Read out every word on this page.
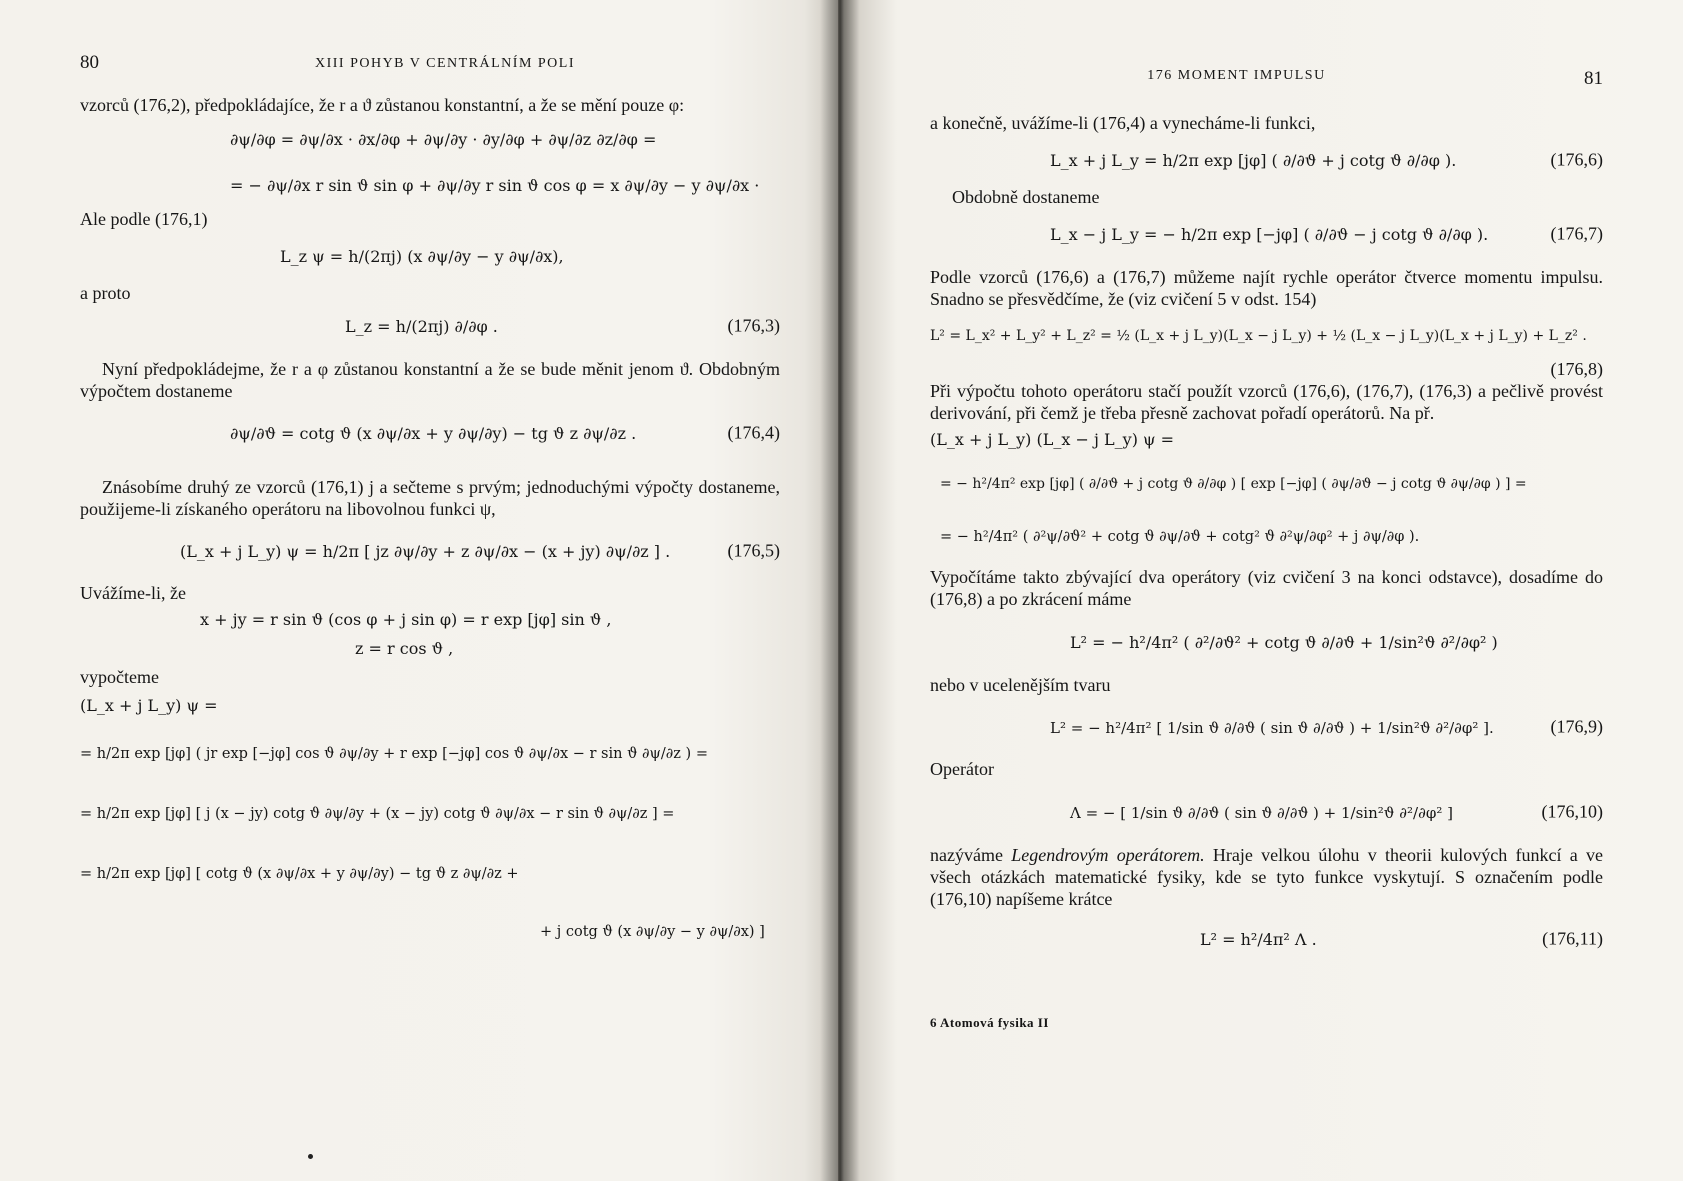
80	XIII POHYB V CENTRÁLNÍM POLI

vzorců (176,2), předpokládajíce, že r a ϑ zůstanou konstantní, a že se mění pouze φ:

∂ψ/∂φ = ∂ψ/∂x · ∂x/∂φ + ∂ψ/∂y · ∂y/∂φ + ∂ψ/∂z ∂z/∂φ =
= − ∂ψ/∂x r sin ϑ sin φ + ∂ψ/∂y r sin ϑ cos φ = x ∂ψ/∂y − y ∂ψ/∂x ·

Ale podle (176,1)

L_z ψ = h/(2πj) (x ∂ψ/∂y − y ∂ψ/∂x),

a proto

L_z = h/(2πj) ∂/∂φ .	(176,3)

Nyní předpokládejme, že r a φ zůstanou konstantní a že se bude měnit jenom ϑ. Obdobným výpočtem dostaneme

∂ψ/∂ϑ = cotg ϑ (x ∂ψ/∂x + y ∂ψ/∂y) − tg ϑ z ∂ψ/∂z .	(176,4)

Znásobíme druhý ze vzorců (176,1) j a sečteme s prvým; jednoduchými výpočty dostaneme, použijeme-li získaného operátoru na libovolnou funkci ψ,

(L_x + j L_y) ψ = h/2π [ jz ∂ψ/∂y + z ∂ψ/∂x − (x + jy) ∂ψ/∂z ] .	(176,5)

Uvážíme-li, že

x + jy = r sin ϑ (cos φ + j sin φ) = r exp [jφ] sin ϑ ,
z = r cos ϑ ,

vypočteme

(L_x + j L_y) ψ =
= h/2π exp [jφ] ( jr exp [−jφ] cos ϑ ∂ψ/∂y + r exp [−jφ] cos ϑ ∂ψ/∂x − r sin ϑ ∂ψ/∂z ) =
= h/2π exp [jφ] [ j (x − jy) cotg ϑ ∂ψ/∂y + (x − jy) cotg ϑ ∂ψ/∂x − r sin ϑ ∂ψ/∂z ] =
= h/2π exp [jφ] [ cotg ϑ (x ∂ψ/∂x + y ∂ψ/∂y) − tg ϑ z ∂ψ/∂z +
+ j cotg ϑ (x ∂ψ/∂y − y ∂ψ/∂x) ]
176 MOMENT IMPULSU	81

a konečně, uvážíme-li (176,4) a vynecháme-li funkci,

L_x + j L_y = h/2π exp [jφ] ( ∂/∂ϑ + j cotg ϑ ∂/∂φ ).	(176,6)

Obdobně dostaneme

L_x − j L_y = − h/2π exp [−jφ] ( ∂/∂ϑ − j cotg ϑ ∂/∂φ ).	(176,7)

Podle vzorců (176,6) a (176,7) můžeme najít rychle operátor čtverce momentu impulsu. Snadno se přesvědčíme, že (viz cvičení 5 v odst. 154)

L² = L_x² + L_y² + L_z² = ½ (L_x + j L_y)(L_x − j L_y) + ½ (L_x − j L_y)(L_x + j L_y) + L_z² .
(176,8)

Při výpočtu tohoto operátoru stačí použít vzorců (176,6), (176,7), (176,3) a pečlivě provést derivování, při čemž je třeba přesně zachovat pořadí operátorů. Na př.

(L_x + j L_y) (L_x − j L_y) ψ =
= − h²/4π² exp [jφ] ( ∂/∂ϑ + j cotg ϑ ∂/∂φ ) [ exp [−jφ] ( ∂ψ/∂ϑ − j cotg ϑ ∂ψ/∂φ ) ] =
= − h²/4π² ( ∂²ψ/∂ϑ² + cotg ϑ ∂ψ/∂ϑ + cotg² ϑ ∂²ψ/∂φ² + j ∂ψ/∂φ ).

Vypočítáme takto zbývající dva operátory (viz cvičení 3 na konci odstavce), dosadíme do (176,8) a po zkrácení máme

L² = − h²/4π² ( ∂²/∂ϑ² + cotg ϑ ∂/∂ϑ + 1/sin²ϑ ∂²/∂φ² )

nebo v ucelenějším tvaru

L² = − h²/4π² [ 1/sin ϑ ∂/∂ϑ ( sin ϑ ∂/∂ϑ ) + 1/sin²ϑ ∂²/∂φ² ].	(176,9)

Operátor

Λ = − [ 1/sin ϑ ∂/∂ϑ ( sin ϑ ∂/∂ϑ ) + 1/sin²ϑ ∂²/∂φ² ]	(176,10)

nazýváme Legendrovým operátorem. Hraje velkou úlohu v theorii kulových funkcí a ve všech otázkách matematické fysiky, kde se tyto funkce vyskytují. S označením podle (176,10) napíšeme krátce

L² = h²/4π² Λ .	(176,11)
6 Atomová fysika II
